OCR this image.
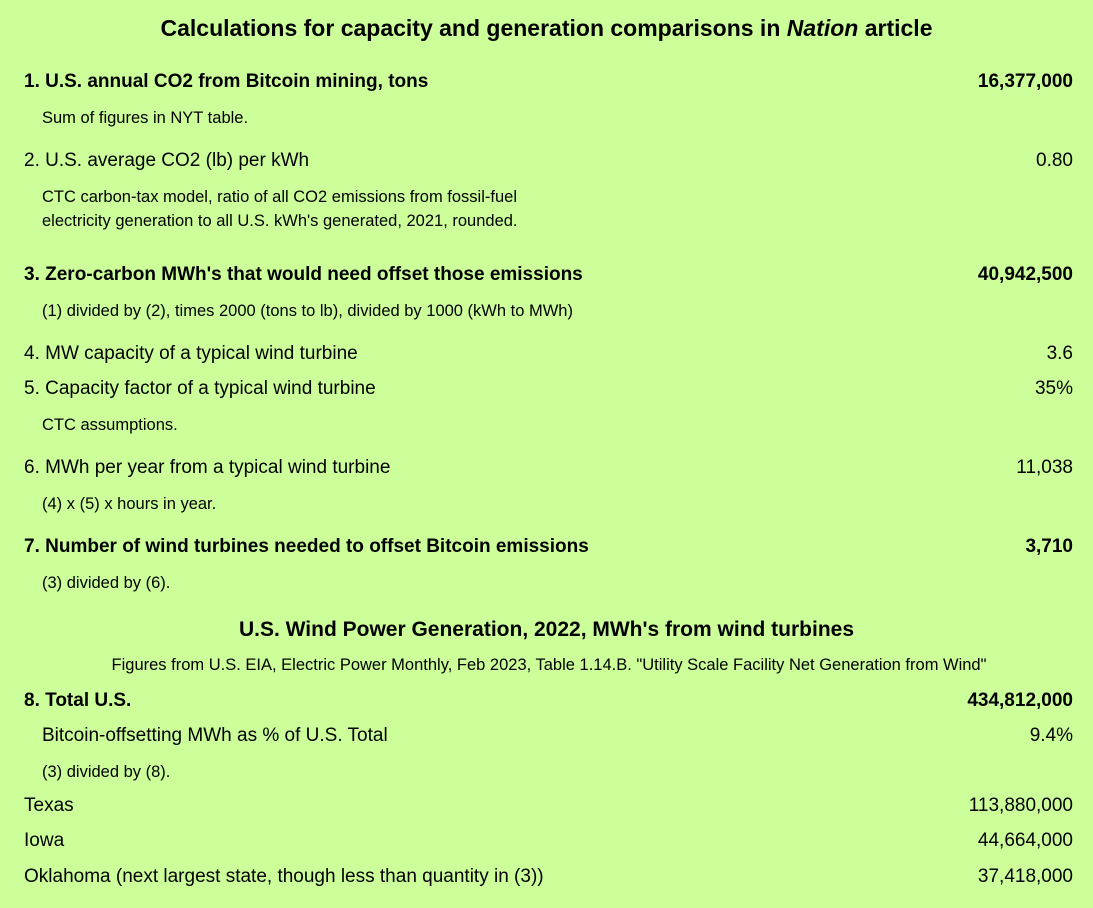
Calculations for capacity and generation comparisons in Nation article
1. U.S. annual CO2 from Bitcoin mining, tons	16,377,000
Sum of figures in NYT table.
2. U.S. average CO2 (lb) per kWh	0.80
CTC carbon-tax model, ratio of all CO2 emissions from fossil-fuel
electricity generation to all U.S. kWh's generated, 2021, rounded.
3. Zero-carbon MWh's that would need offset those emissions	40,942,500
(1) divided by (2), times 2000 (tons to lb), divided by 1000 (kWh to MWh)
4. MW capacity of a typical wind turbine	3.6
5. Capacity factor of a typical wind turbine	35%
CTC assumptions.
6. MWh per year from a typical wind turbine	11,038
(4) x (5) x hours in year.
7. Number of wind turbines needed to offset Bitcoin emissions	3,710
(3) divided by (6).
U.S. Wind Power Generation, 2022, MWh's from wind turbines
Figures from U.S. EIA, Electric Power Monthly, Feb 2023, Table 1.14.B. "Utility Scale Facility Net Generation from Wind"
8. Total U.S.	434,812,000
Bitcoin-offsetting MWh as % of U.S. Total	9.4%
(3) divided by (8).
Texas	113,880,000
Iowa	44,664,000
Oklahoma (next largest state, though less than quantity in (3))	37,418,000
